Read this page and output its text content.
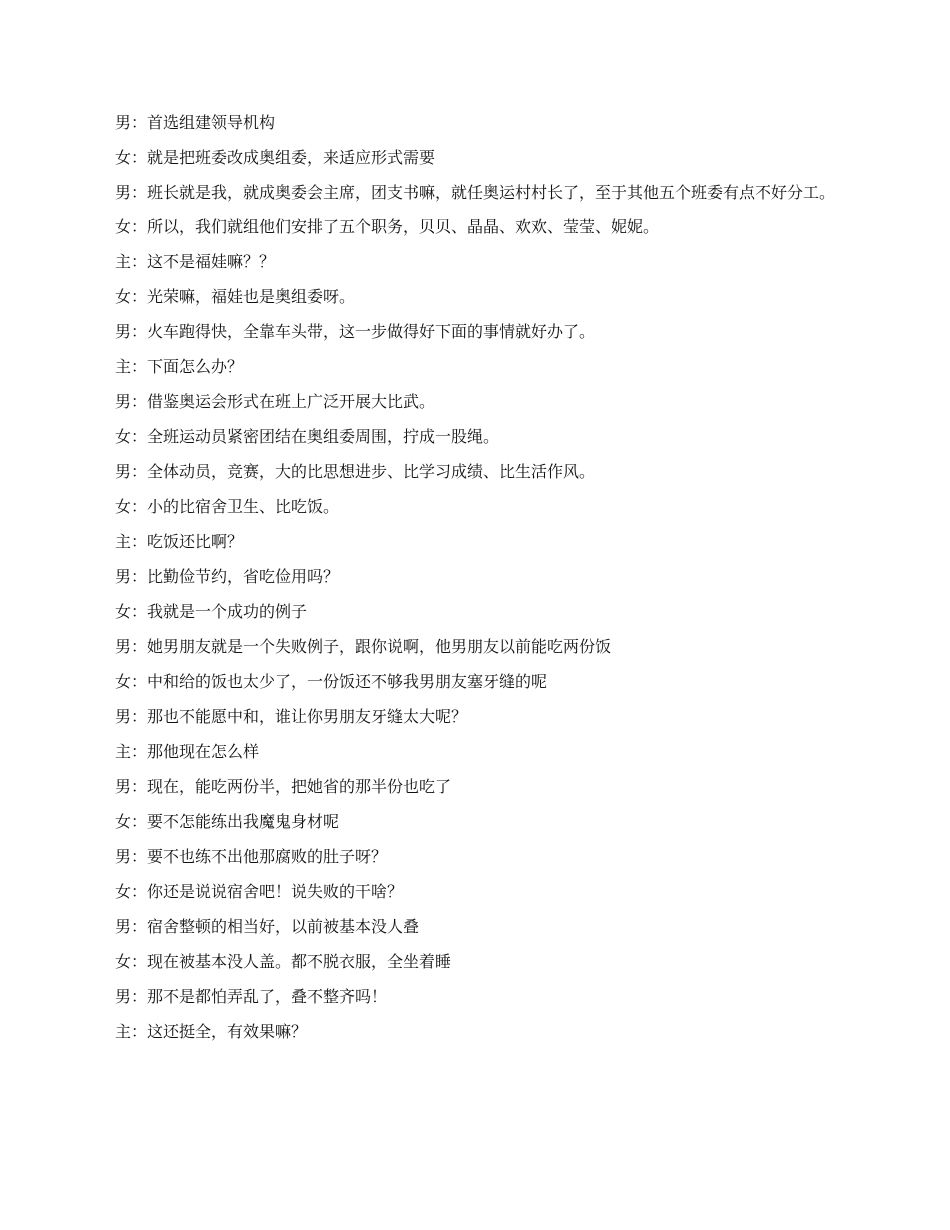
男：首选组建领导机构
女：就是把班委改成奥组委，来适应形式需要
男：班长就是我，就成奥委会主席，团支书嘛，就任奥运村村长了，至于其他五个班委有点不好分工。
女：所以，我们就组他们安排了五个职务，贝贝、晶晶、欢欢、莹莹、妮妮。
主：这不是福娃嘛？？
女：光荣嘛，福娃也是奥组委呀。
男：火车跑得快，全靠车头带，这一步做得好下面的事情就好办了。
主：下面怎么办？
男：借鉴奥运会形式在班上广泛开展大比武。
女：全班运动员紧密团结在奥组委周围，拧成一股绳。
男：全体动员，竞赛，大的比思想进步、比学习成绩、比生活作风。
女：小的比宿舍卫生、比吃饭。
主：吃饭还比啊？
男：比勤俭节约，省吃俭用吗？
女：我就是一个成功的例子
男：她男朋友就是一个失败例子，跟你说啊，他男朋友以前能吃两份饭
女：中和给的饭也太少了，一份饭还不够我男朋友塞牙缝的呢
男：那也不能愿中和，谁让你男朋友牙缝太大呢？
主：那他现在怎么样
男：现在，能吃两份半，把她省的那半份也吃了
女：要不怎能练出我魔鬼身材呢
男：要不也练不出他那腐败的肚子呀？
女：你还是说说宿舍吧！说失败的干啥？
男：宿舍整顿的相当好，以前被基本没人叠
女：现在被基本没人盖。都不脱衣服，全坐着睡
男：那不是都怕弄乱了，叠不整齐吗！
主：这还挺全，有效果嘛？
